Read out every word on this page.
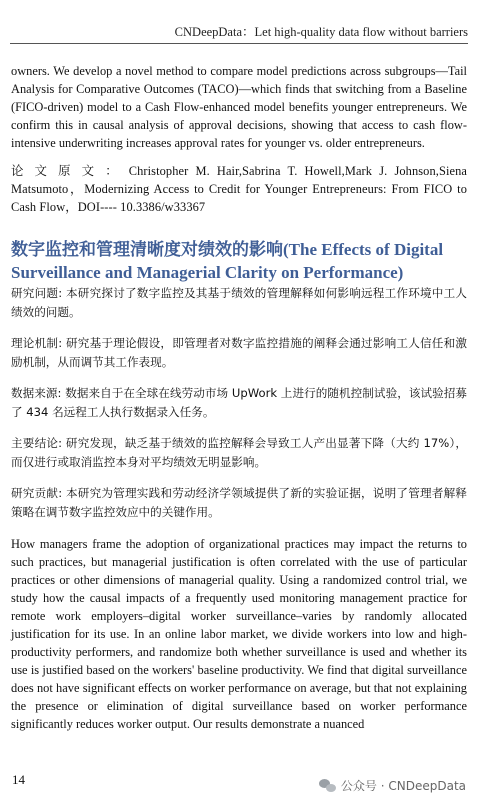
CNDeepData：Let high-quality data flow without barriers

owners. We develop a novel method to compare model predictions across subgroups—Tail Analysis for Comparative Outcomes (TACO)—which finds that switching from a Baseline (FICO-driven) model to a Cash Flow-enhanced model benefits younger entrepreneurs. We confirm this in causal analysis of approval decisions, showing that access to cash flow-intensive underwriting increases approval rates for younger vs. older entrepreneurs.

论 文 原 文 ： Christopher M. Hair,Sabrina T. Howell,Mark J. Johnson,Siena Matsumoto，Modernizing Access to Credit for Younger Entrepreneurs: From FICO to Cash Flow，DOI---- 10.3386/w33367

数字监控和管理清晰度对绩效的影响(The Effects of Digital Surveillance and Managerial Clarity on Performance)

研究问题: 本研究探讨了数字监控及其基于绩效的管理解释如何影响远程工作环境中工人绩效的问题。

理论机制: 研究基于理论假设，即管理者对数字监控措施的阐释会通过影响工人信任和激励机制，从而调节其工作表现。

数据来源: 数据来自于在全球在线劳动市场 UpWork 上进行的随机控制试验，该试验招募了 434 名远程工人执行数据录入任务。

主要结论: 研究发现，缺乏基于绩效的监控解释会导致工人产出显著下降（大约 17%），而仅进行或取消监控本身对平均绩效无明显影响。

研究贡献: 本研究为管理实践和劳动经济学领域提供了新的实验证据，说明了管理者解释策略在调节数字监控效应中的关键作用。

How managers frame the adoption of organizational practices may impact the returns to such practices, but managerial justification is often correlated with the use of particular practices or other dimensions of managerial quality. Using a randomized control trial, we study how the causal impacts of a frequently used monitoring management practice for remote work employers–digital worker surveillance–varies by randomly allocated justification for its use. In an online labor market, we divide workers into low and high-productivity performers, and randomize both whether surveillance is used and whether its use is justified based on the workers' baseline productivity. We find that digital surveillance does not have significant effects on worker performance on average, but that not explaining the presence or elimination of digital surveillance based on worker performance significantly reduces worker output. Our results demonstrate a nuanced

14	公众号 · CNDeepData
